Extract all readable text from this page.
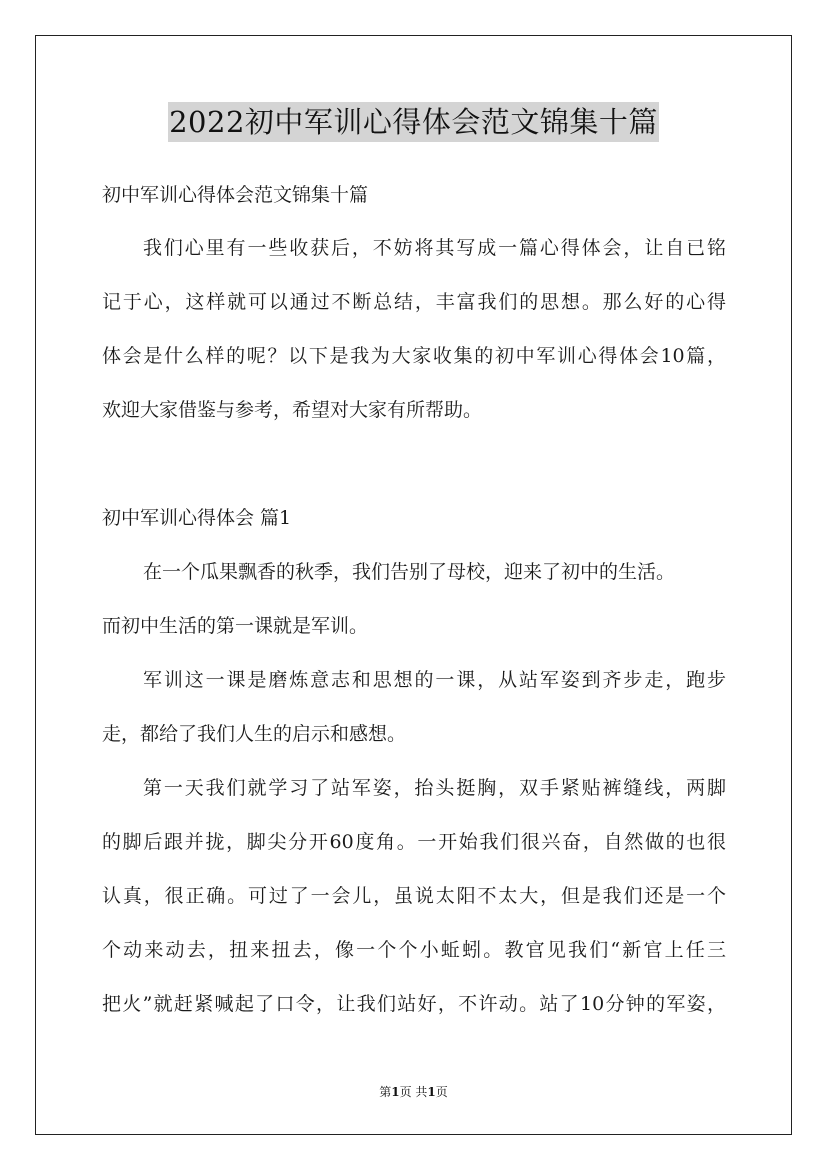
2022初中军训心得体会范文锦集十篇
初中军训心得体会范文锦集十篇
我们心里有一些收获后，不妨将其写成一篇心得体会，让自已铭
记于心，这样就可以通过不断总结，丰富我们的思想。那么好的心得
体会是什么样的呢？以下是我为大家收集的初中军训心得体会10篇，
欢迎大家借鉴与参考，希望对大家有所帮助。
初中军训心得体会 篇1
在一个瓜果飘香的秋季，我们告别了母校，迎来了初中的生活。
而初中生活的第一课就是军训。
军训这一课是磨炼意志和思想的一课，从站军姿到齐步走，跑步
走，都给了我们人生的启示和感想。
第一天我们就学习了站军姿，抬头挺胸，双手紧贴裤缝线，两脚
的脚后跟并拢，脚尖分开60度角。一开始我们很兴奋，自然做的也很
认真，很正确。可过了一会儿，虽说太阳不太大，但是我们还是一个
个动来动去，扭来扭去，像一个个小蚯蚓。教官见我们“新官上任三
把火”就赶紧喊起了口令，让我们站好，不许动。站了10分钟的军姿，
第1页 共1页
